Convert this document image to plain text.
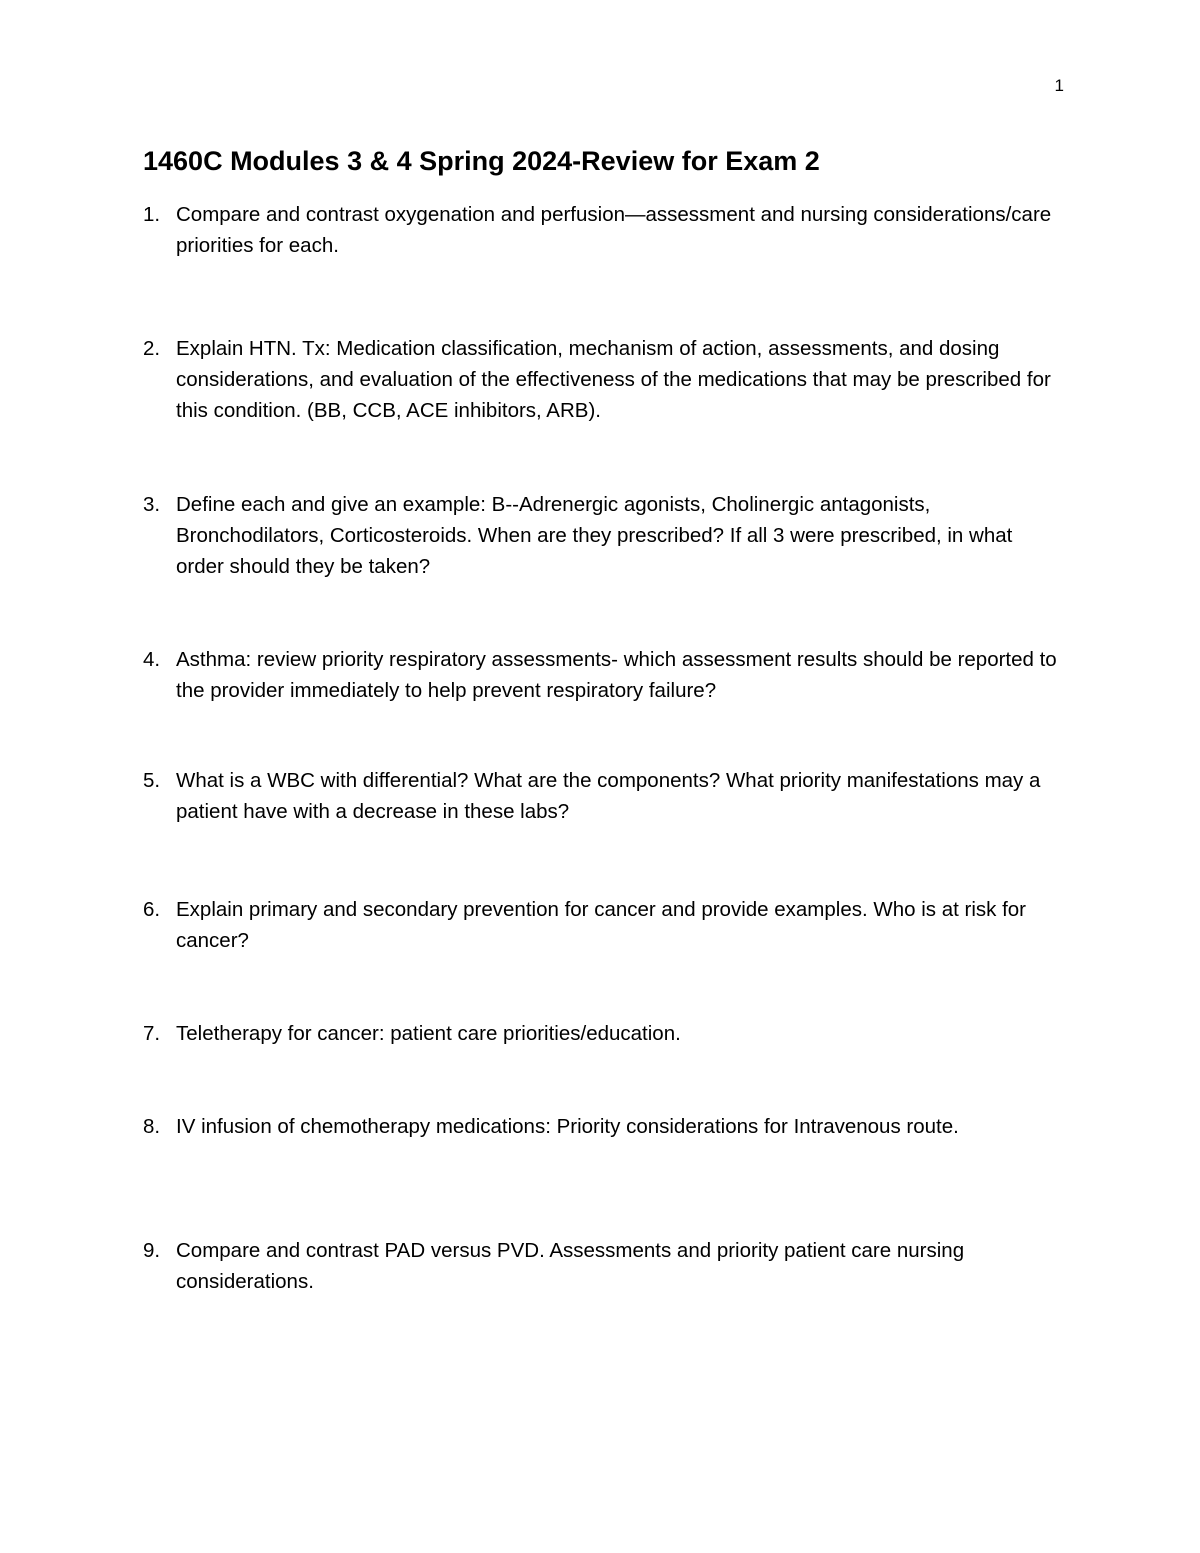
1
1460C Modules 3 & 4 Spring 2024-Review for Exam 2
1. Compare and contrast oxygenation and perfusion—assessment and nursing considerations/care priorities for each.
2. Explain HTN. Tx: Medication classification, mechanism of action, assessments, and dosing considerations, and evaluation of the effectiveness of the medications that may be prescribed for this condition. (BB, CCB, ACE inhibitors, ARB).
3. Define each and give an example: B--Adrenergic agonists, Cholinergic antagonists, Bronchodilators, Corticosteroids. When are they prescribed? If all 3 were prescribed, in what order should they be taken?
4. Asthma: review priority respiratory assessments- which assessment results should be reported to the provider immediately to help prevent respiratory failure?
5. What is a WBC with differential? What are the components? What priority manifestations may a patient have with a decrease in these labs?
6. Explain primary and secondary prevention for cancer and provide examples. Who is at risk for cancer?
7. Teletherapy for cancer: patient care priorities/education.
8. IV infusion of chemotherapy medications: Priority considerations for Intravenous route.
9. Compare and contrast PAD versus PVD. Assessments and priority patient care nursing considerations.
